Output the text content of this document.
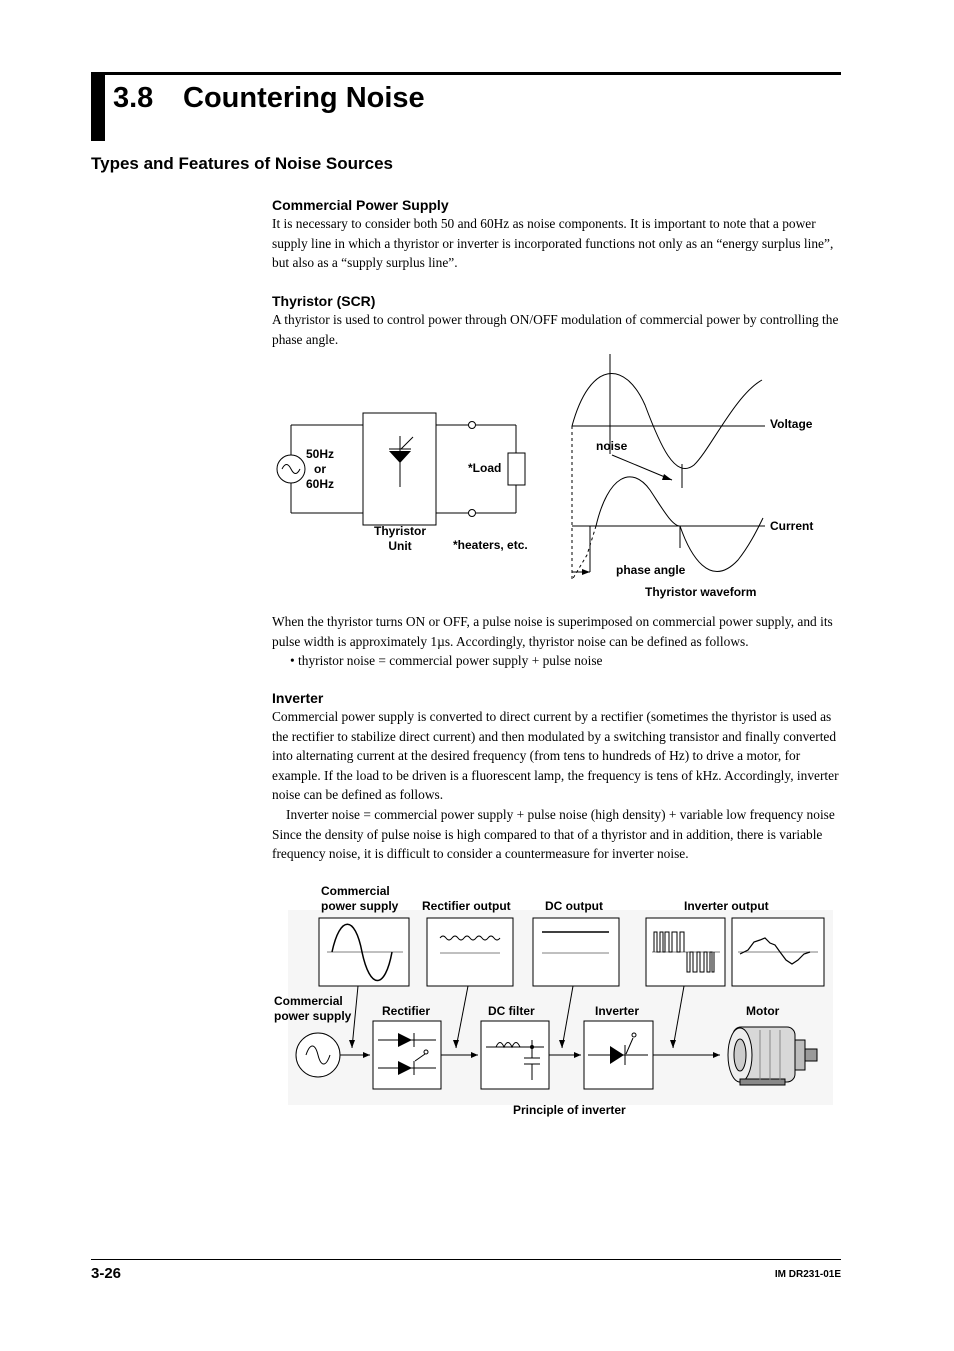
3.8 Countering Noise
Types and Features of Noise Sources

Commercial Power Supply

It is necessary to consider both 50 and 60Hz as noise components. It is important to note that a power supply line in which a thyristor or inverter is incorporated functions not only as an “energy surplus line”, but also as a “supply surplus line”.

Thyristor (SCR)

A thyristor is used to control power through ON/OFF modulation of commercial power by controlling the phase angle.

50Hz
or
60Hz
Thyristor
Unit
*Load
*heaters, etc.
Voltage
noise
Current
phase angle
Thyristor waveform

When the thyristor turns ON or OFF, a pulse noise is superimposed on commercial power supply, and its pulse width is approximately 1µs. Accordingly, thyristor noise can be defined as follows.

• thyristor noise = commercial power supply + pulse noise

Inverter

Commercial power supply is converted to direct current by a rectifier (sometimes the thyristor is used as the rectifier to stabilize direct current) and then modulated by a switching transistor and finally converted into alternating current at the desired frequency (from tens to hundreds of Hz) to drive a motor, for example. If the load to be driven is a fluorescent lamp, the frequency is tens of kHz. Accordingly, inverter noise can be defined as follows.

Inverter noise = commercial power supply + pulse noise (high density) + variable low frequency noise

Since the density of pulse noise is high compared to that of a thyristor and in addition, there is variable frequency noise, it is difficult to consider a countermeasure for inverter noise.

Commercial
power supply Rectifier output	DC output	Inverter output
Commercial
power supply	Rectifier	DC filter	Inverter	Motor
Principle of inverter
3-26	IM DR231-01E
